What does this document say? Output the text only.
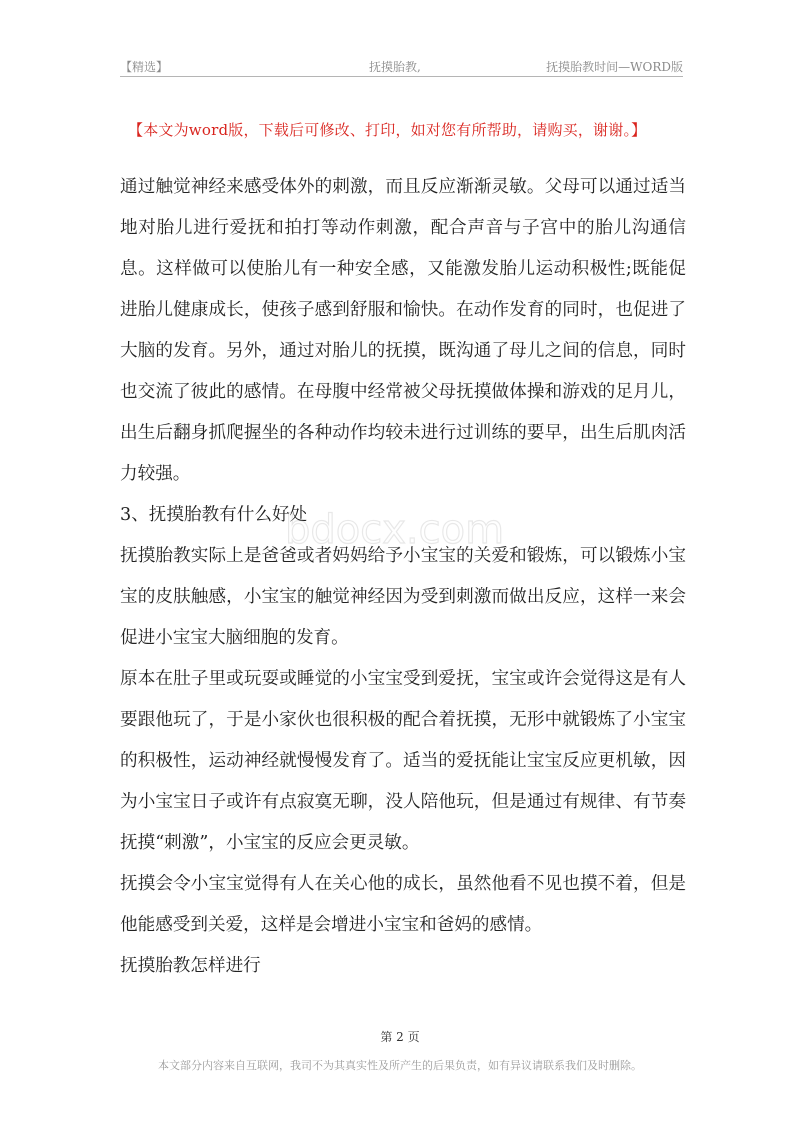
【精选】	抚摸胎教,	抚摸胎教时间—WORD版
【本文为word版，下载后可修改、打印，如对您有所帮助，请购买，谢谢。】
bdocx.com

通过触觉神经来感受体外的刺激，而且反应渐渐灵敏。父母可以通过适当地对胎儿进行爱抚和拍打等动作刺激，配合声音与子宫中的胎儿沟通信息。这样做可以使胎儿有一种安全感，又能激发胎儿运动积极性;既能促进胎儿健康成长，使孩子感到舒服和愉快。在动作发育的同时，也促进了大脑的发育。另外，通过对胎儿的抚摸，既沟通了母儿之间的信息，同时也交流了彼此的感情。在母腹中经常被父母抚摸做体操和游戏的足月儿，出生后翻身抓爬握坐的各种动作均较未进行过训练的要早，出生后肌肉活力较强。

3、抚摸胎教有什么好处

抚摸胎教实际上是爸爸或者妈妈给予小宝宝的关爱和锻炼，可以锻炼小宝宝的皮肤触感，小宝宝的触觉神经因为受到刺激而做出反应，这样一来会促进小宝宝大脑细胞的发育。

原本在肚子里或玩耍或睡觉的小宝宝受到爱抚，宝宝或许会觉得这是有人要跟他玩了，于是小家伙也很积极的配合着抚摸，无形中就锻炼了小宝宝的积极性，运动神经就慢慢发育了。适当的爱抚能让宝宝反应更机敏，因为小宝宝日子或许有点寂寞无聊，没人陪他玩，但是通过有规律、有节奏抚摸“刺激”，小宝宝的反应会更灵敏。

抚摸会令小宝宝觉得有人在关心他的成长，虽然他看不见也摸不着，但是他能感受到关爱，这样是会增进小宝宝和爸妈的感情。

抚摸胎教怎样进行

第 2 页
本文部分内容来自互联网，我司不为其真实性及所产生的后果负责，如有异议请联系我们及时删除。
